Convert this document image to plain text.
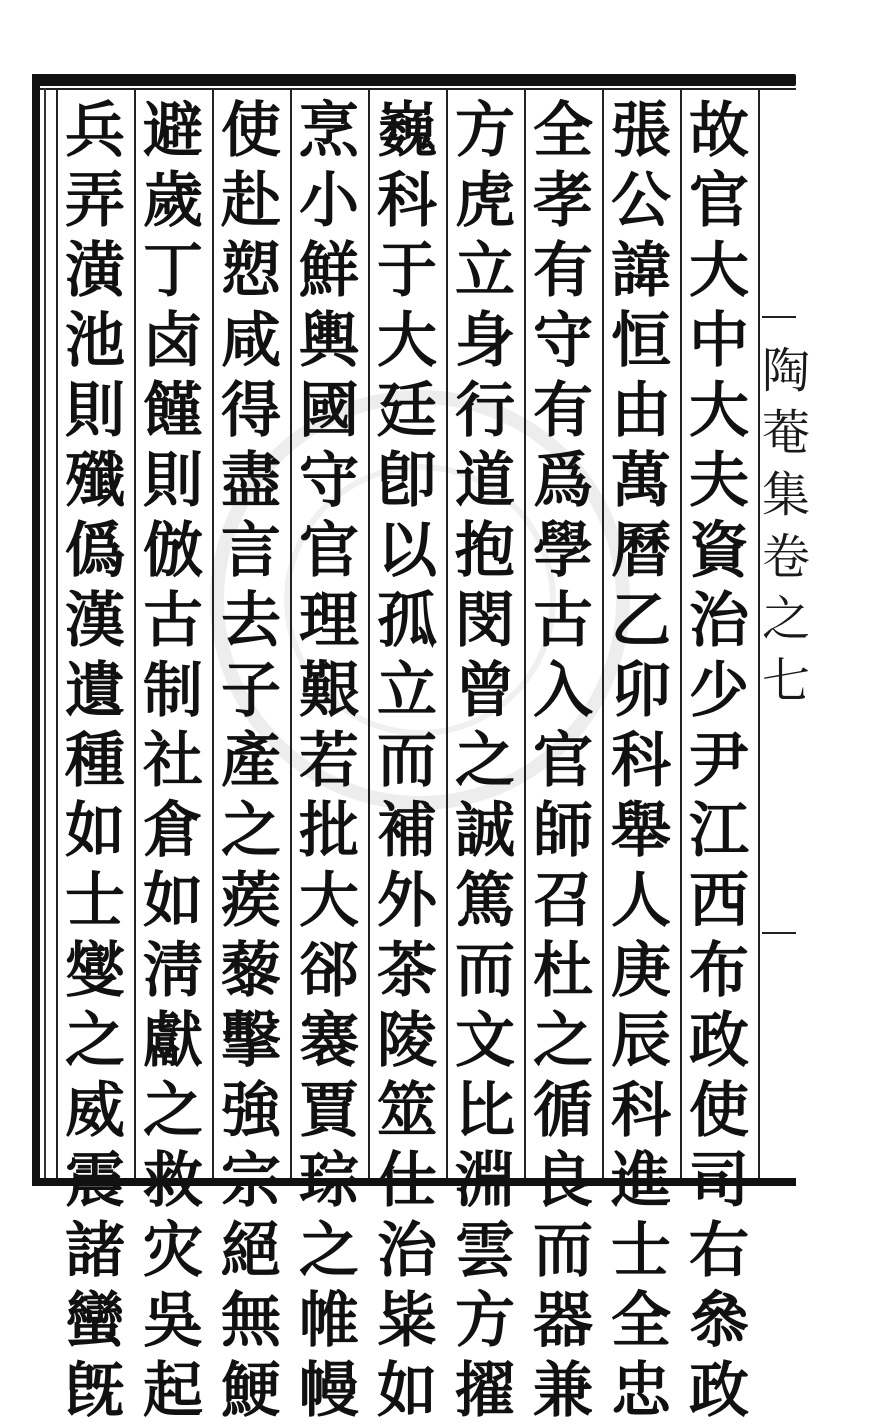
故
官
大
中
大
夫
資
治
少
尹
江
西
布
政
使
司
右
叅
政
張
公
諱
恒
由
萬
曆
乙
卯
科
舉
人
庚
辰
科
進
士
全
忠
全
孝
有
守
有
爲
學
古
入
官
師
召
杜
之
循
良
而
器
兼
方
虎
立
身
行
道
抱
閔
曾
之
誠
篤
而
文
比
淵
雲
方
擢
巍
科
于
大
廷
卽
以
孤
立
而
補
外
茶
陵
筮
仕
治
粊
如
烹
小
鮮
輿
國
守
官
理
艱
若
批
大
郤
褰
賈
琮
之
帷
幔
使
赴
愬
咸
得
盡
言
去
子
產
之
蒺
藜
擊
強
宗
絕
無
鯁
避
歲
丁
卤
饉
則
倣
古
制
社
倉
如
淸
獻
之
救
灾
吳
起
兵
弄
潢
池
則
殲
僞
漢
遺
種
如
士
燮
之
威
震
諸
蠻
旣
陶
菴
集
卷
之
七
